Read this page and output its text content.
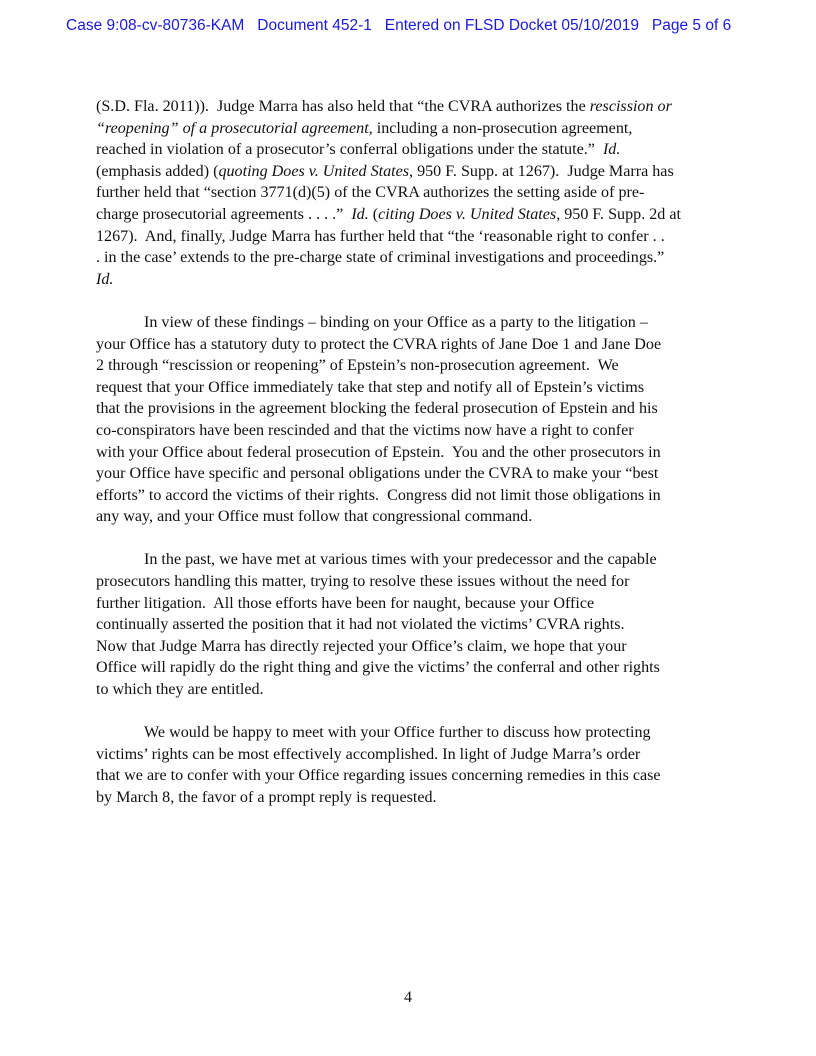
Case 9:08-cv-80736-KAM Document 452-1 Entered on FLSD Docket 05/10/2019 Page 5 of 6
(S.D. Fla. 2011)).  Judge Marra has also held that “the CVRA authorizes the rescission or
“reopening” of a prosecutorial agreement, including a non-prosecution agreement,
reached in violation of a prosecutor’s conferral obligations under the statute.”  Id.
(emphasis added) (quoting Does v. United States, 950 F. Supp. at 1267).  Judge Marra has
further held that “section 3771(d)(5) of the CVRA authorizes the setting aside of pre-
charge prosecutorial agreements . . . .”  Id. (citing Does v. United States, 950 F. Supp. 2d at
1267).  And, finally, Judge Marra has further held that “the ‘reasonable right to confer . .
. in the case’ extends to the pre-charge state of criminal investigations and proceedings.”
Id.
In view of these findings – binding on your Office as a party to the litigation –
your Office has a statutory duty to protect the CVRA rights of Jane Doe 1 and Jane Doe
2 through “rescission or reopening” of Epstein’s non-prosecution agreement.  We
request that your Office immediately take that step and notify all of Epstein’s victims
that the provisions in the agreement blocking the federal prosecution of Epstein and his
co-conspirators have been rescinded and that the victims now have a right to confer
with your Office about federal prosecution of Epstein.  You and the other prosecutors in
your Office have specific and personal obligations under the CVRA to make your “best
efforts” to accord the victims of their rights.  Congress did not limit those obligations in
any way, and your Office must follow that congressional command.
In the past, we have met at various times with your predecessor and the capable
prosecutors handling this matter, trying to resolve these issues without the need for
further litigation.  All those efforts have been for naught, because your Office
continually asserted the position that it had not violated the victims’ CVRA rights.
Now that Judge Marra has directly rejected your Office’s claim, we hope that your
Office will rapidly do the right thing and give the victims’ the conferral and other rights
to which they are entitled.
We would be happy to meet with your Office further to discuss how protecting
victims’ rights can be most effectively accomplished. In light of Judge Marra’s order
that we are to confer with your Office regarding issues concerning remedies in this case
by March 8, the favor of a prompt reply is requested.
4
